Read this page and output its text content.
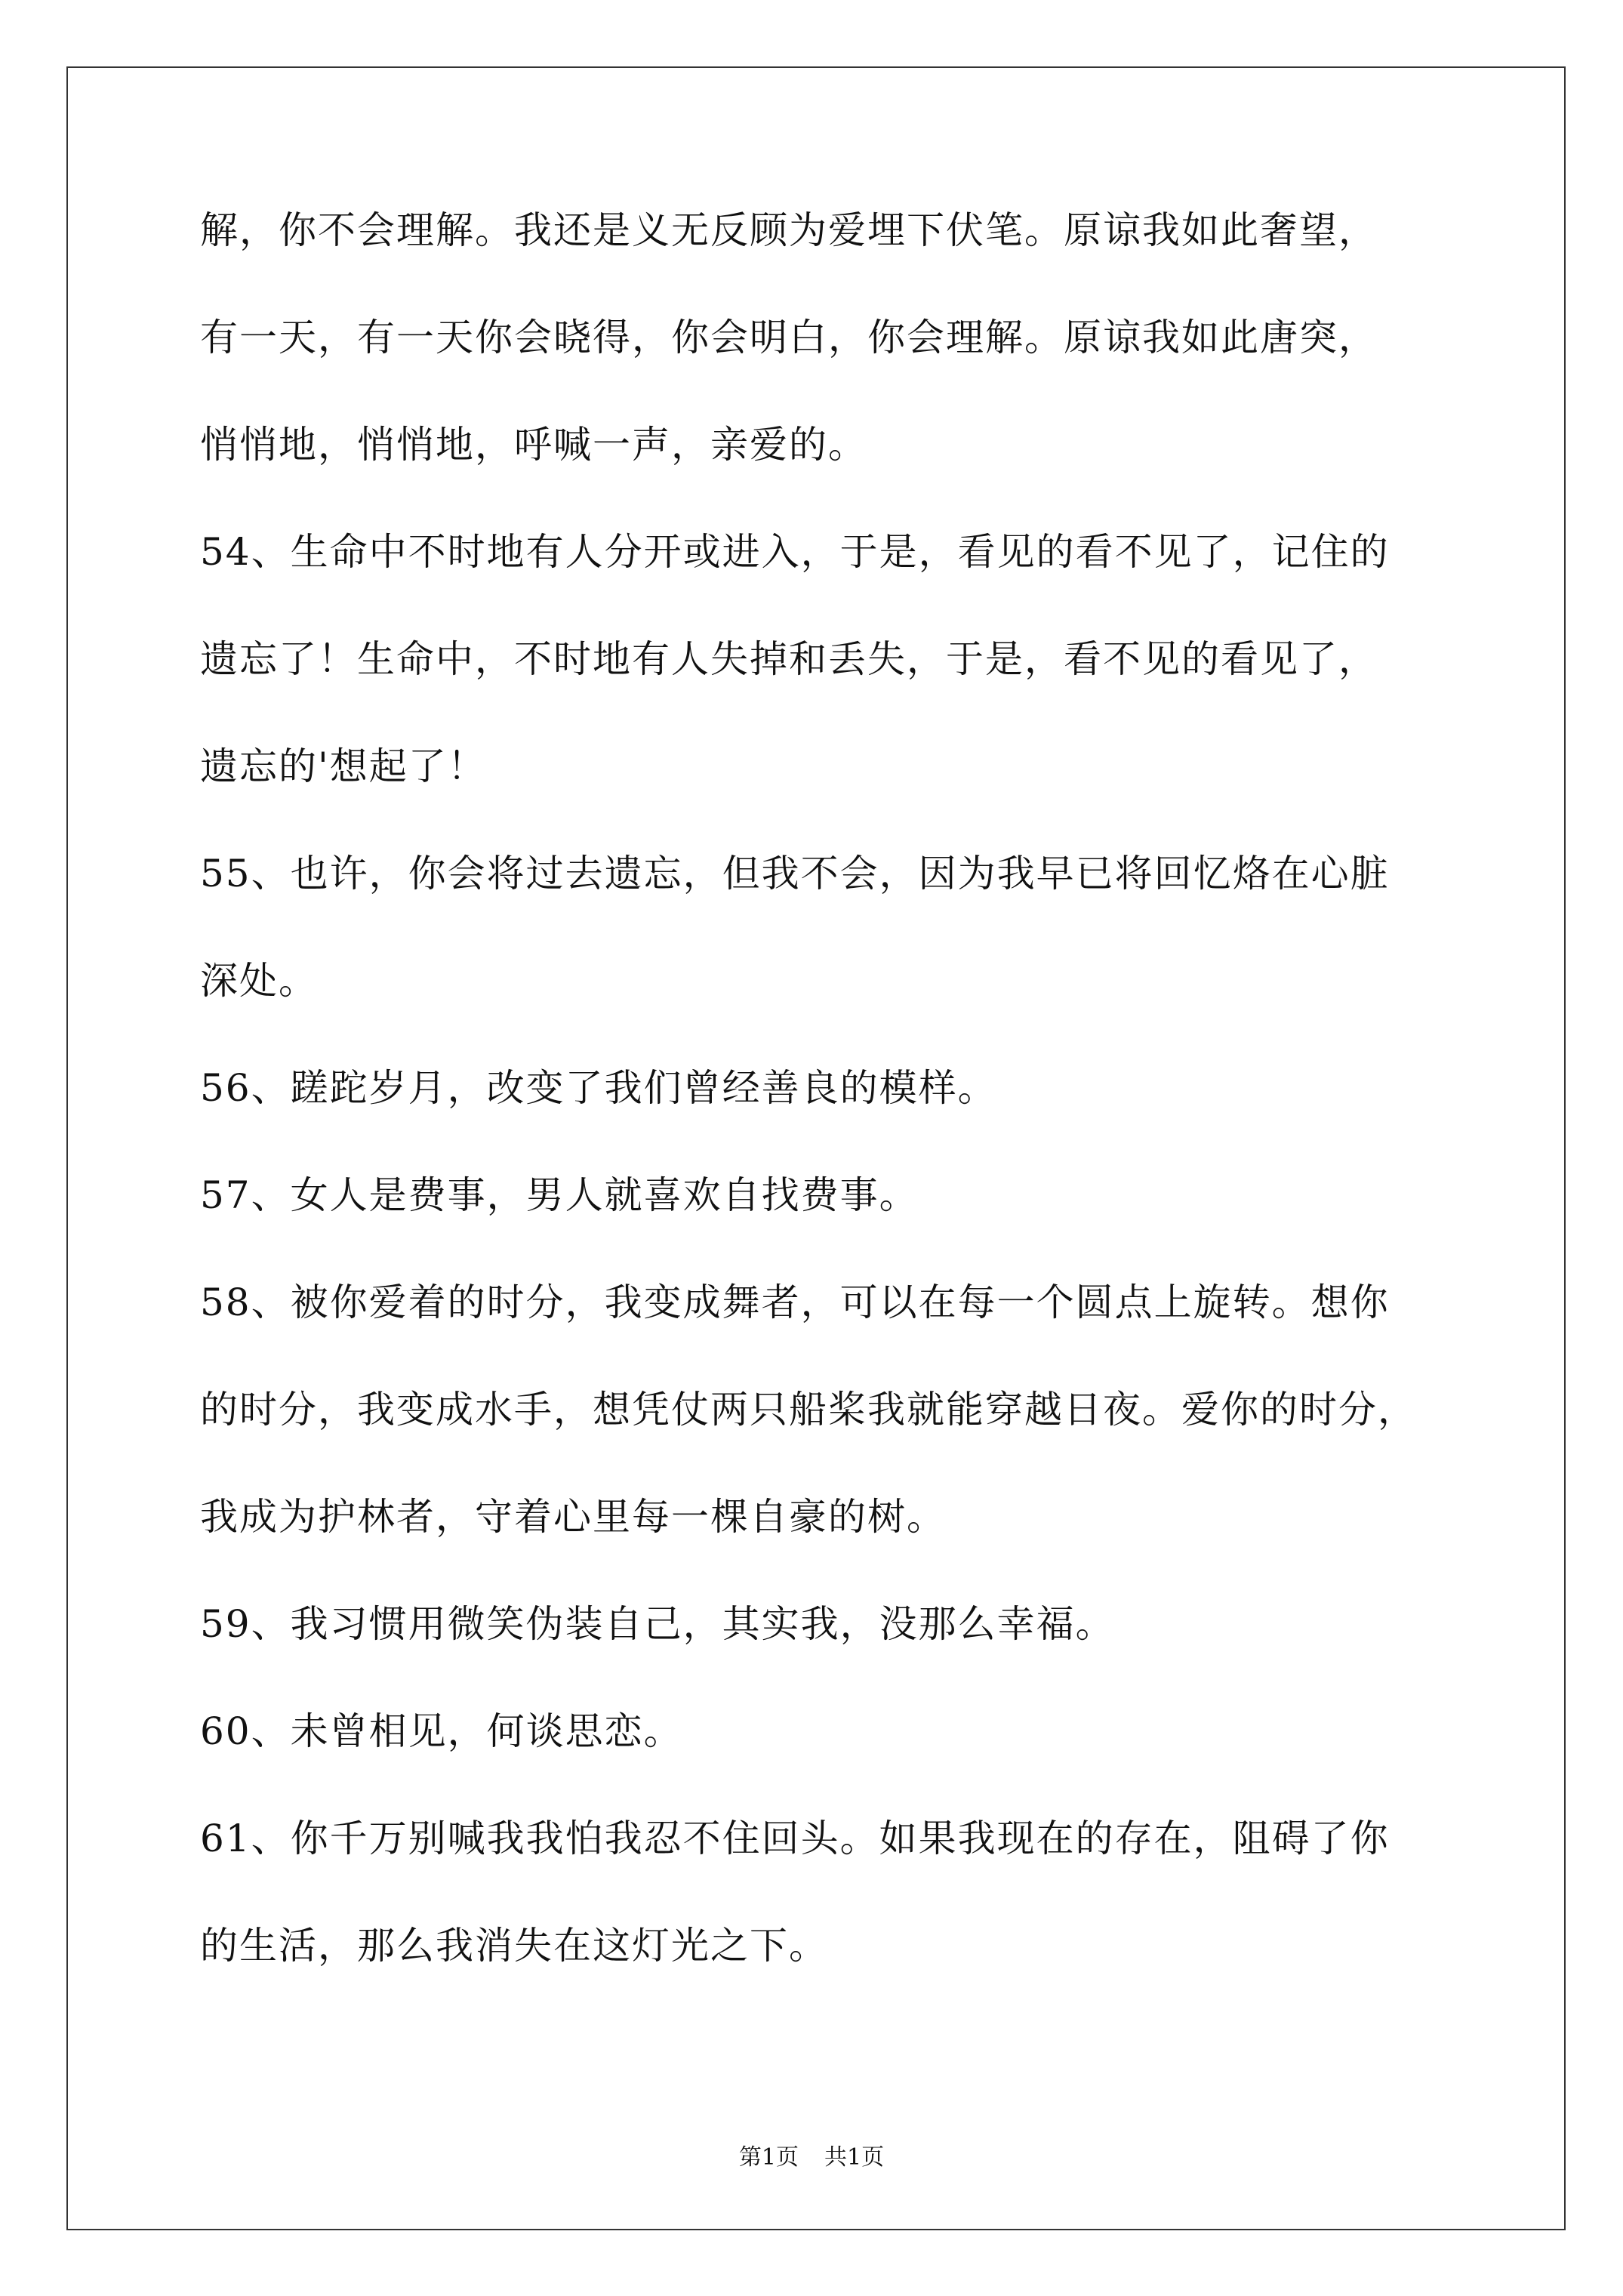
解，你不会理解。我还是义无反顾为爱埋下伏笔。原谅我如此奢望，
有一天，有一天你会晓得，你会明白，你会理解。原谅我如此唐突，
悄悄地，悄悄地，呼喊一声，亲爱的。
54、生命中不时地有人分开或进入，于是，看见的看不见了，记住的
遗忘了！生命中，不时地有人失掉和丢失，于是，看不见的看见了，
遗忘的'想起了！
55、也许，你会将过去遗忘，但我不会，因为我早已将回忆烙在心脏
深处。
56、蹉跎岁月，改变了我们曾经善良的模样。
57、女人是费事，男人就喜欢自找费事。
58、被你爱着的时分，我变成舞者，可以在每一个圆点上旋转。想你
的时分，我变成水手，想凭仗两只船桨我就能穿越日夜。爱你的时分，
我成为护林者，守着心里每一棵自豪的树。
59、我习惯用微笑伪装自己，其实我，没那么幸福。
60、未曾相见，何谈思恋。
61、你千万别喊我我怕我忍不住回头。如果我现在的存在，阻碍了你
的生活，那么我消失在这灯光之下。
第1页 共1页
